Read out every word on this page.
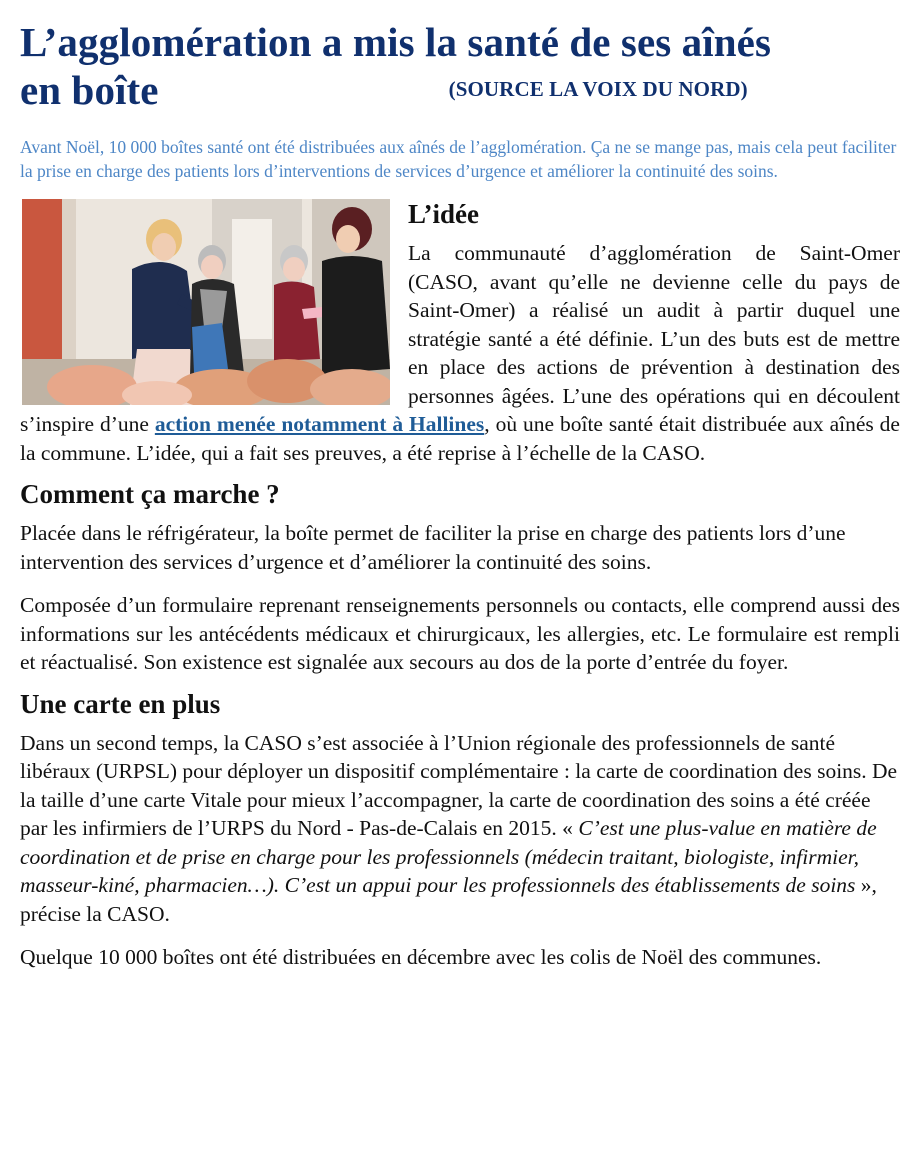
L’agglomération a mis la santé de ses aînés
en boîte	(SOURCE LA VOIX DU NORD)

Avant Noël, 10 000 boîtes santé ont été distribuées aux aînés de l’agglomération. Ça ne se mange pas, mais cela peut faciliter la prise en charge des patients lors d’interventions de services d’urgence et améliorer la continuité des soins.

L’idée

La communauté d’agglomération de Saint-Omer (CASO, avant qu’elle ne devienne celle du pays de Saint-Omer) a réalisé un audit à partir duquel une stratégie santé a été définie. L’un des buts est de mettre en place des actions de prévention à destination des personnes âgées. L’une des opérations qui en découlent s’inspire d’une action menée notamment à Hallines, où une boîte santé était distribuée aux aînés de la commune. L’idée, qui a fait ses preuves, a été reprise à l’échelle de la CASO.

Comment ça marche ?

Placée dans le réfrigérateur, la boîte permet de faciliter la prise en charge des patients lors d’une intervention des services d’urgence et d’améliorer la continuité des soins.

Composée d’un formulaire reprenant renseignements personnels ou contacts, elle comprend aussi des informations sur les antécédents médicaux et chirurgicaux, les allergies, etc. Le formulaire est rempli et réactualisé. Son existence est signalée aux secours au dos de la porte d’entrée du foyer.

Une carte en plus

Dans un second temps, la CASO s’est associée à l’Union régionale des professionnels de santé libéraux (URPSL) pour déployer un dispositif complémentaire : la carte de coordination des soins. De la taille d’une carte Vitale pour mieux l’accompagner, la carte de coordination des soins a été créée par les infirmiers de l’URPS du Nord - Pas-de-Calais en 2015. « C’est une plus-value en matière de coordination et de prise en charge pour les professionnels (médecin traitant, biologiste, infirmier, masseur-kiné, pharmacien…). C’est un appui pour les professionnels des établissements de soins », précise la CASO.

Quelque 10 000 boîtes ont été distribuées en décembre avec les colis de Noël des communes.
